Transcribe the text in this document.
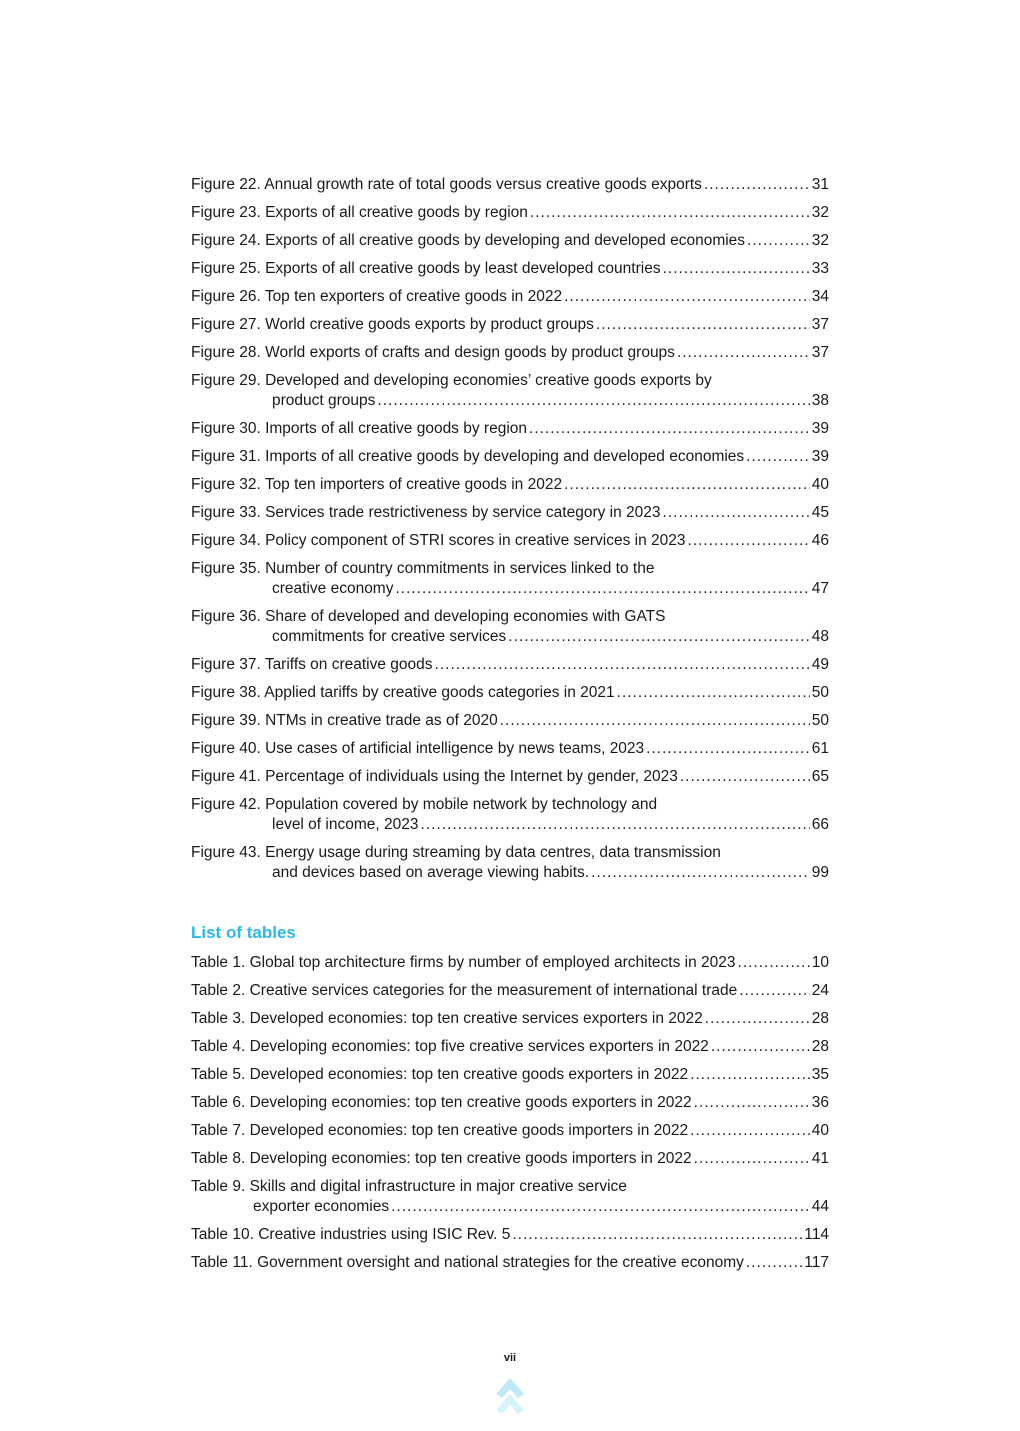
Figure 22. Annual growth rate of total goods versus creative goods exports .....	31
Figure 23. Exports of all creative goods by region .....	32
Figure 24. Exports of all creative goods by developing and developed economies .....	32
Figure 25. Exports of all creative goods by least developed countries .....	33
Figure 26. Top ten exporters of creative goods in 2022 .....	34
Figure 27. World creative goods exports by product groups .....	37
Figure 28. World exports of crafts and design goods by product groups .....	37
Figure 29. Developed and developing economies’ creative goods exports by
product groups .....	38
Figure 30. Imports of all creative goods by region .....	39
Figure 31. Imports of all creative goods by developing and developed economies .....	39
Figure 32. Top ten importers of creative goods in 2022 .....	40
Figure 33. Services trade restrictiveness by service category in 2023 .....	45
Figure 34. Policy component of STRI scores in creative services in 2023 .....	46
Figure 35. Number of country commitments in services linked to the
creative economy .....	47
Figure 36. Share of developed and developing economies with GATS
commitments for creative services .....	48
Figure 37. Tariffs on creative goods .....	49
Figure 38. Applied tariffs by creative goods categories in 2021 .....	50
Figure 39. NTMs in creative trade as of 2020 .....	50
Figure 40. Use cases of artificial intelligence by news teams, 2023 .....	61
Figure 41. Percentage of individuals using the Internet by gender, 2023 .....	65
Figure 42. Population covered by mobile network by technology and
level of income, 2023 .....	66
Figure 43. Energy usage during streaming by data centres, data transmission
and devices based on average viewing habits. .....	99
List of tables
Table 1. Global top architecture firms by number of employed architects in 2023 .....	10
Table 2. Creative services categories for the measurement of international trade .....	24
Table 3. Developed economies: top ten creative services exporters in 2022 .....	28
Table 4. Developing economies: top five creative services exporters in 2022 .....	28
Table 5. Developed economies: top ten creative goods exporters in 2022 .....	35
Table 6. Developing economies: top ten creative goods exporters in 2022 .....	36
Table 7. Developed economies: top ten creative goods importers in 2022 .....	40
Table 8. Developing economies: top ten creative goods importers in 2022 .....	41
Table 9. Skills and digital infrastructure in major creative service
exporter economies .....	44
Table 10. Creative industries using ISIC Rev. 5 .....	114
Table 11. Government oversight and national strategies for the creative economy .....	117
vii
